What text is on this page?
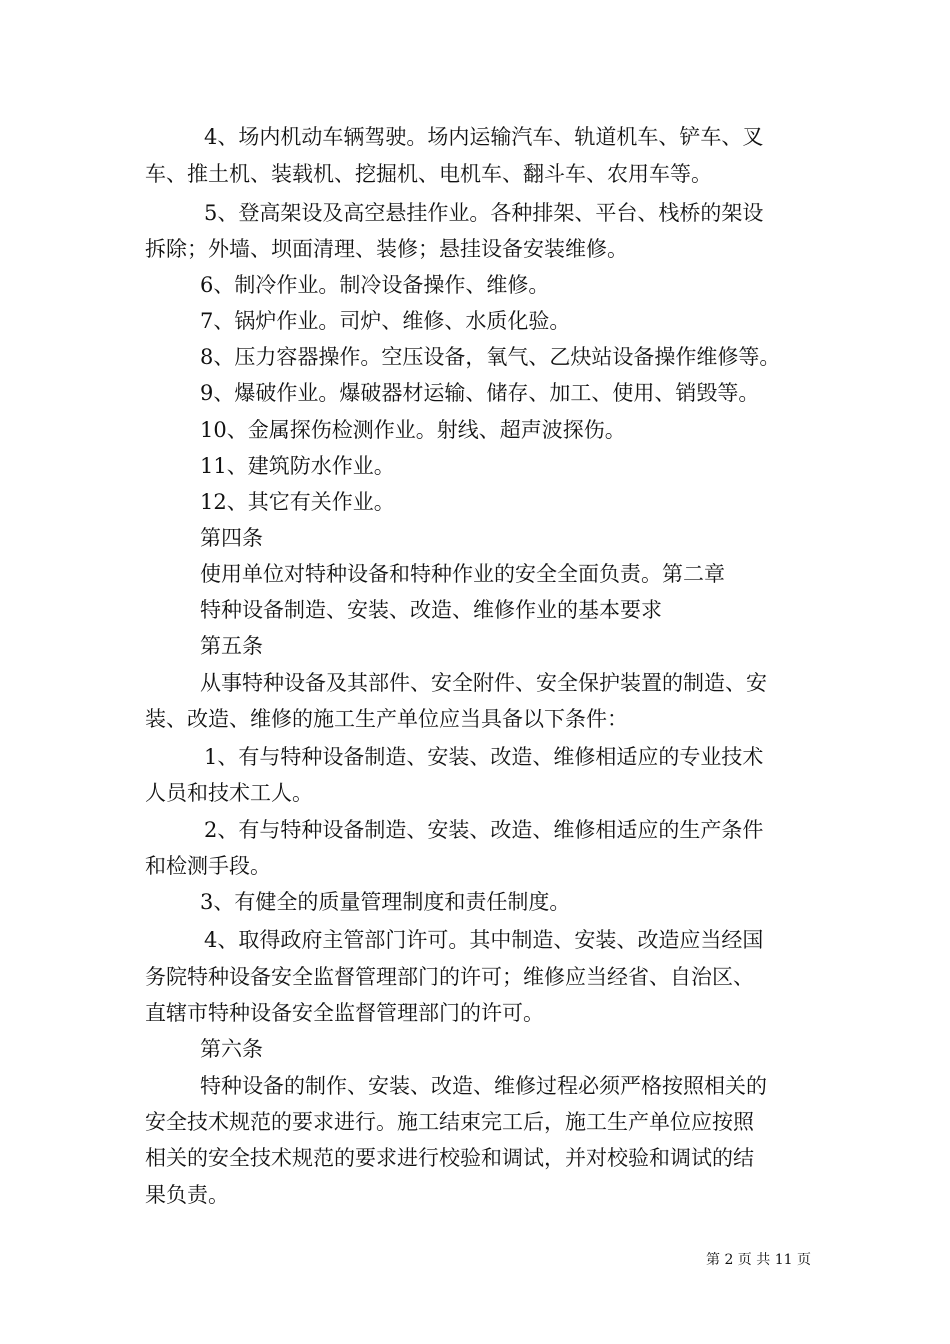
4、场内机动车辆驾驶。场内运输汽车、轨道机车、铲车、叉
车、推土机、装载机、挖掘机、电机车、翻斗车、农用车等。
5、登高架设及高空悬挂作业。各种排架、平台、栈桥的架设
拆除；外墙、坝面清理、装修；悬挂设备安装维修。
6、制冷作业。制冷设备操作、维修。
7、锅炉作业。司炉、维修、水质化验。
8、压力容器操作。空压设备，氧气、乙炔站设备操作维修等。
9、爆破作业。爆破器材运输、储存、加工、使用、销毁等。
10、金属探伤检测作业。射线、超声波探伤。
11、建筑防水作业。
12、其它有关作业。
第四条
使用单位对特种设备和特种作业的安全全面负责。第二章
特种设备制造、安装、改造、维修作业的基本要求
第五条
从事特种设备及其部件、安全附件、安全保护装置的制造、安
装、改造、维修的施工生产单位应当具备以下条件：
1、有与特种设备制造、安装、改造、维修相适应的专业技术
人员和技术工人。
2、有与特种设备制造、安装、改造、维修相适应的生产条件
和检测手段。
3、有健全的质量管理制度和责任制度。
4、取得政府主管部门许可。其中制造、安装、改造应当经国
务院特种设备安全监督管理部门的许可；维修应当经省、自治区、
直辖市特种设备安全监督管理部门的许可。
第六条
特种设备的制作、安装、改造、维修过程必须严格按照相关的
安全技术规范的要求进行。施工结束完工后，施工生产单位应按照
相关的安全技术规范的要求进行校验和调试，并对校验和调试的结
果负责。
第 2 页 共 11 页
